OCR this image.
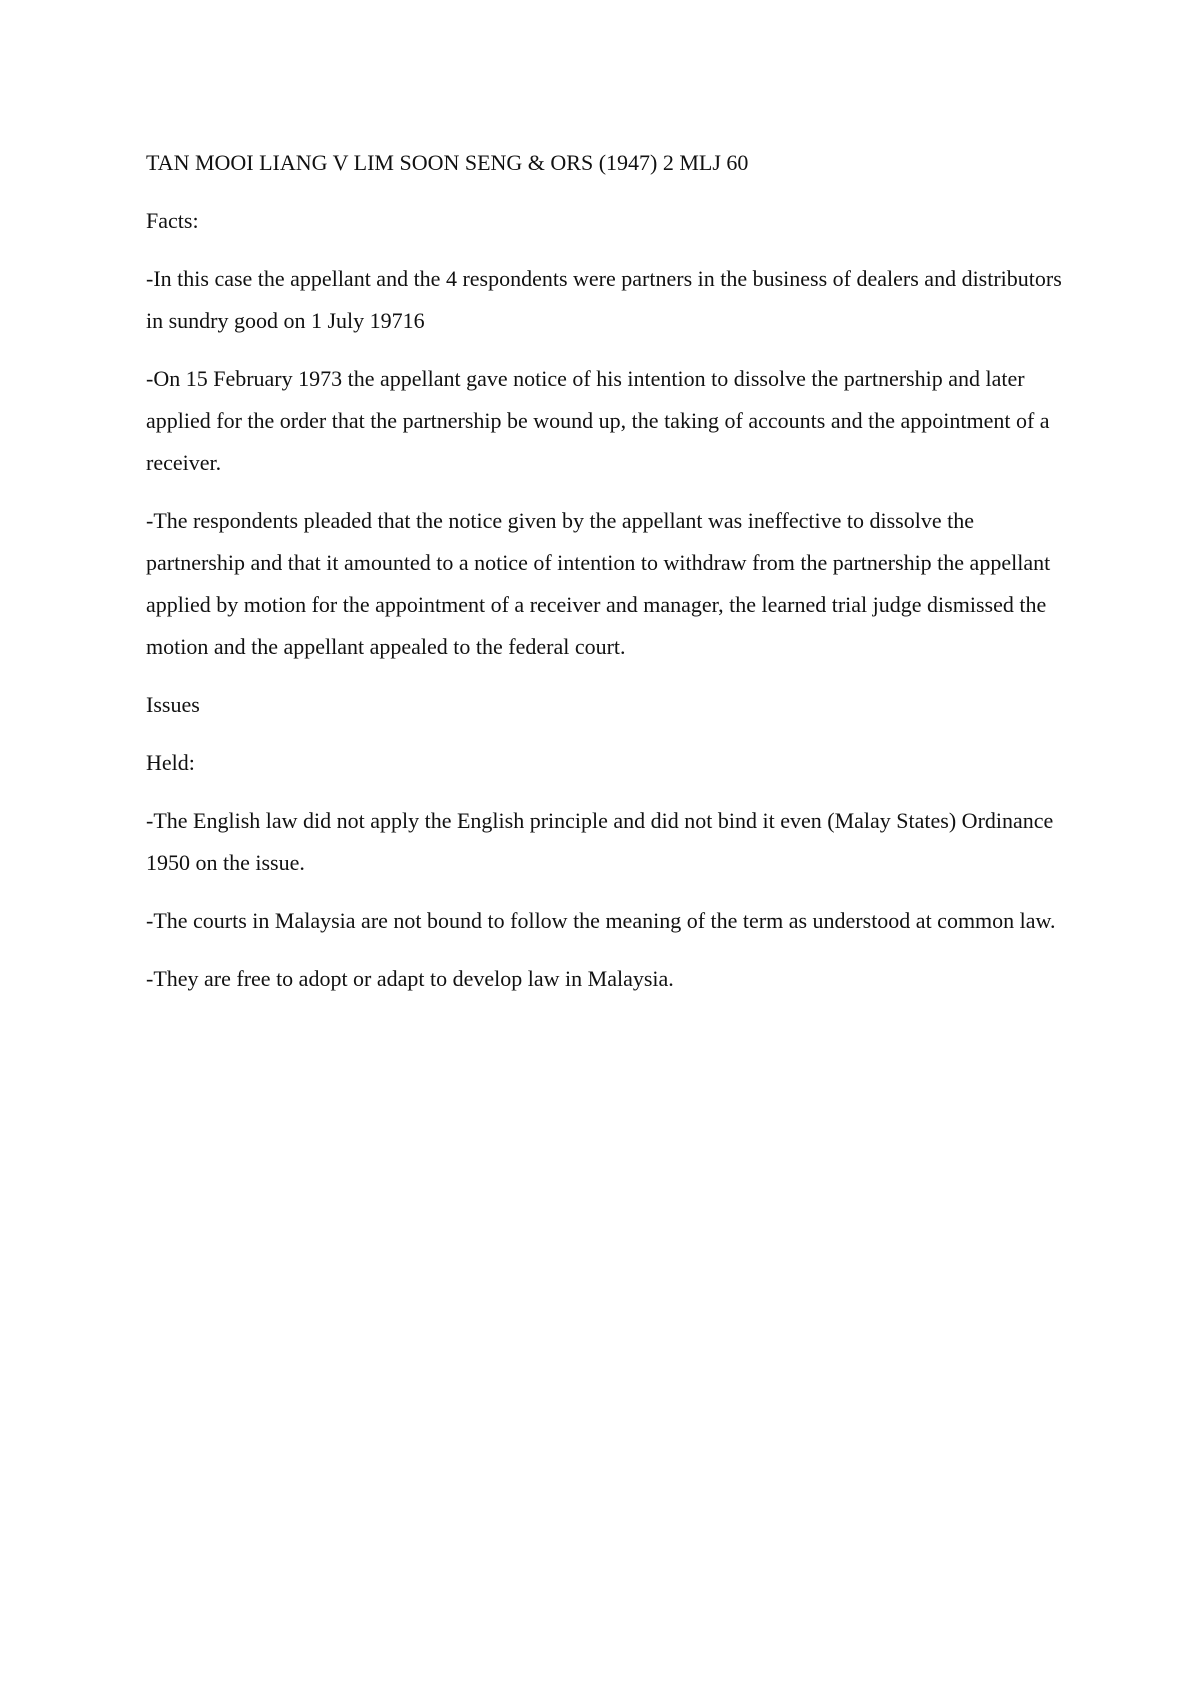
TAN MOOI LIANG V LIM SOON SENG & ORS (1947) 2 MLJ 60

Facts:

-In this case the appellant and the 4 respondents were partners in the business of dealers and distributors in sundry good on 1 July 19716

-On 15 February 1973 the appellant gave notice of his intention to dissolve the partnership and later applied for the order that the partnership be wound up, the taking of accounts and the appointment of a receiver.

-The respondents pleaded that the notice given by the appellant was ineffective to dissolve the partnership and that it amounted to a notice of intention to withdraw from the partnership the appellant applied by motion for the appointment of a receiver and manager, the learned trial judge dismissed the motion and the appellant appealed to the federal court.

Issues

Held:

-The English law did not apply the English principle and did not bind it even (Malay States) Ordinance 1950 on the issue.

-The courts in Malaysia are not bound to follow the meaning of the term as understood at common law.

-They are free to adopt or adapt to develop law in Malaysia.
